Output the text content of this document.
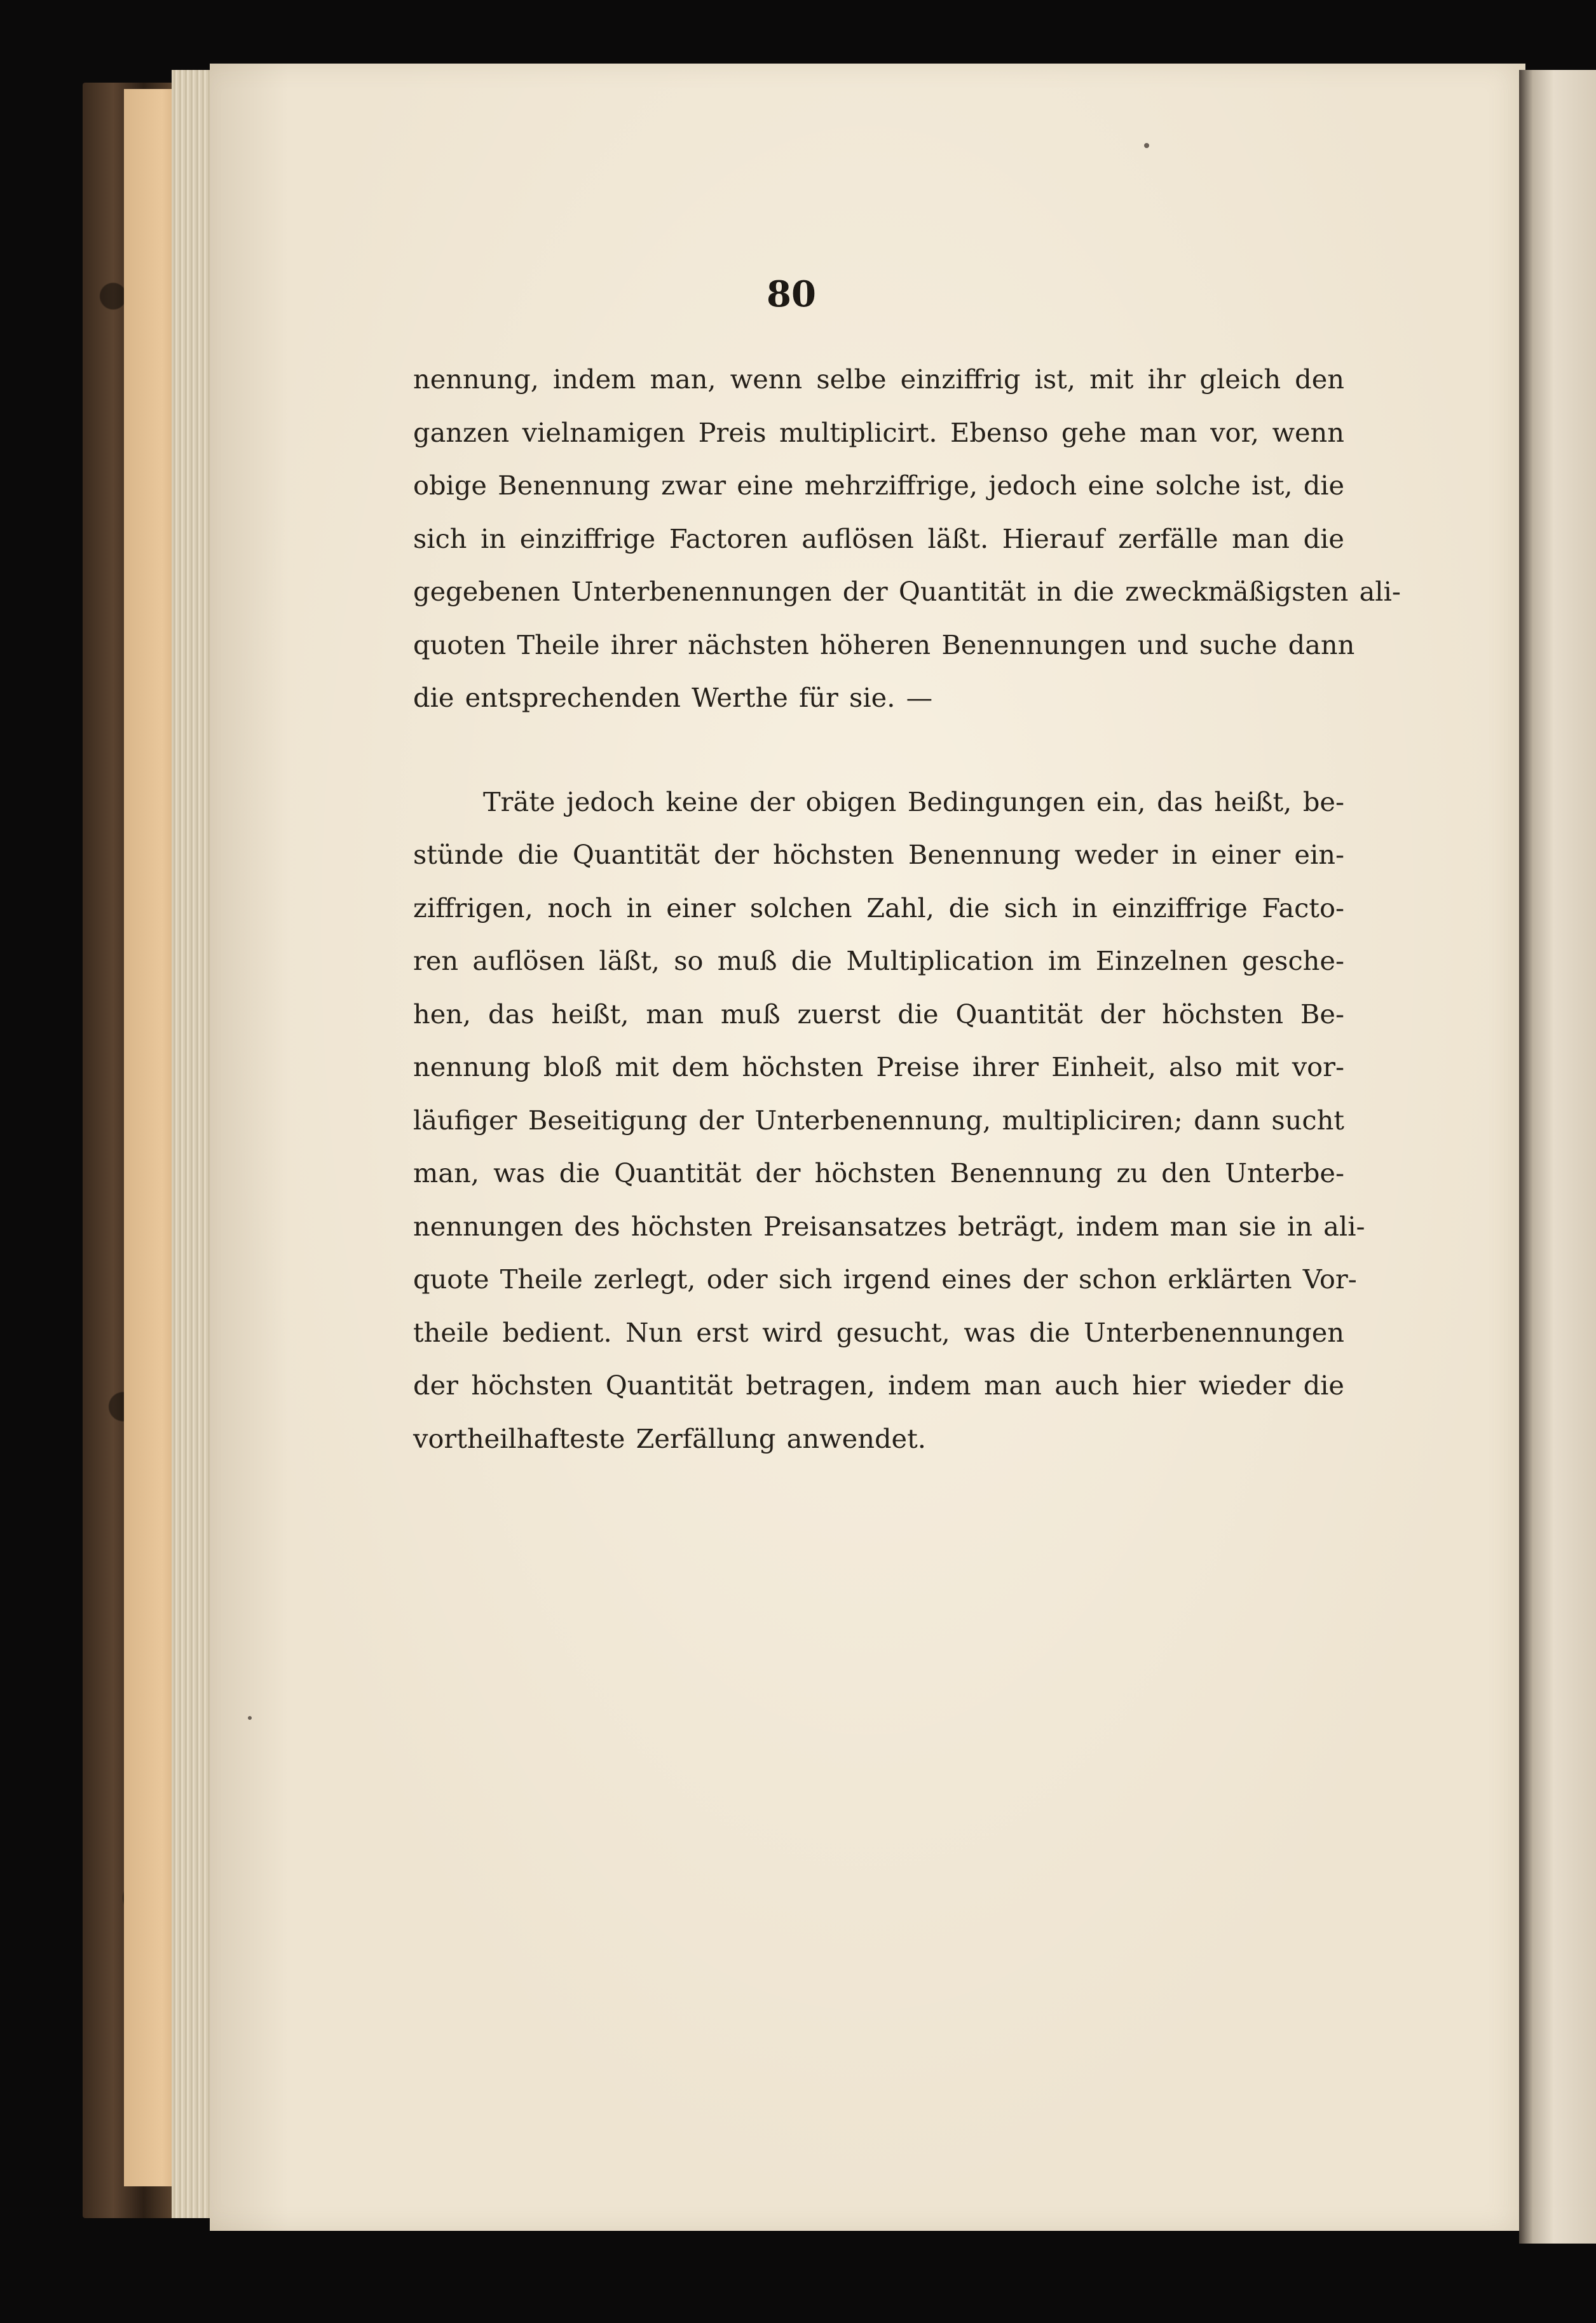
80
nennung, indem man, wenn selbe einziffrig ist, mit ihr gleich den
ganzen vielnamigen Preis multiplicirt. Ebenso gehe man vor, wenn
obige Benennung zwar eine mehrziffrige, jedoch eine solche ist, die
sich in einziffrige Factoren auflösen läßt. Hierauf zerfälle man die
gegebenen Unterbenennungen der Quantität in die zweckmäßigsten ali-
quoten Theile ihrer nächsten höheren Benennungen und suche dann
die entsprechenden Werthe für sie. —
Träte jedoch keine der obigen Bedingungen ein, das heißt, be-
stünde die Quantität der höchsten Benennung weder in einer ein-
ziffrigen, noch in einer solchen Zahl, die sich in einziffrige Facto-
ren auflösen läßt, so muß die Multiplication im Einzelnen gesche-
hen, das heißt, man muß zuerst die Quantität der höchsten Be-
nennung bloß mit dem höchsten Preise ihrer Einheit, also mit vor-
läufiger Beseitigung der Unterbenennung, multipliciren; dann sucht
man, was die Quantität der höchsten Benennung zu den Unterbe-
nennungen des höchsten Preisansatzes beträgt, indem man sie in ali-
quote Theile zerlegt, oder sich irgend eines der schon erklärten Vor-
theile bedient. Nun erst wird gesucht, was die Unterbenennungen
der höchsten Quantität betragen, indem man auch hier wieder die
vortheilhafteste Zerfällung anwendet.
